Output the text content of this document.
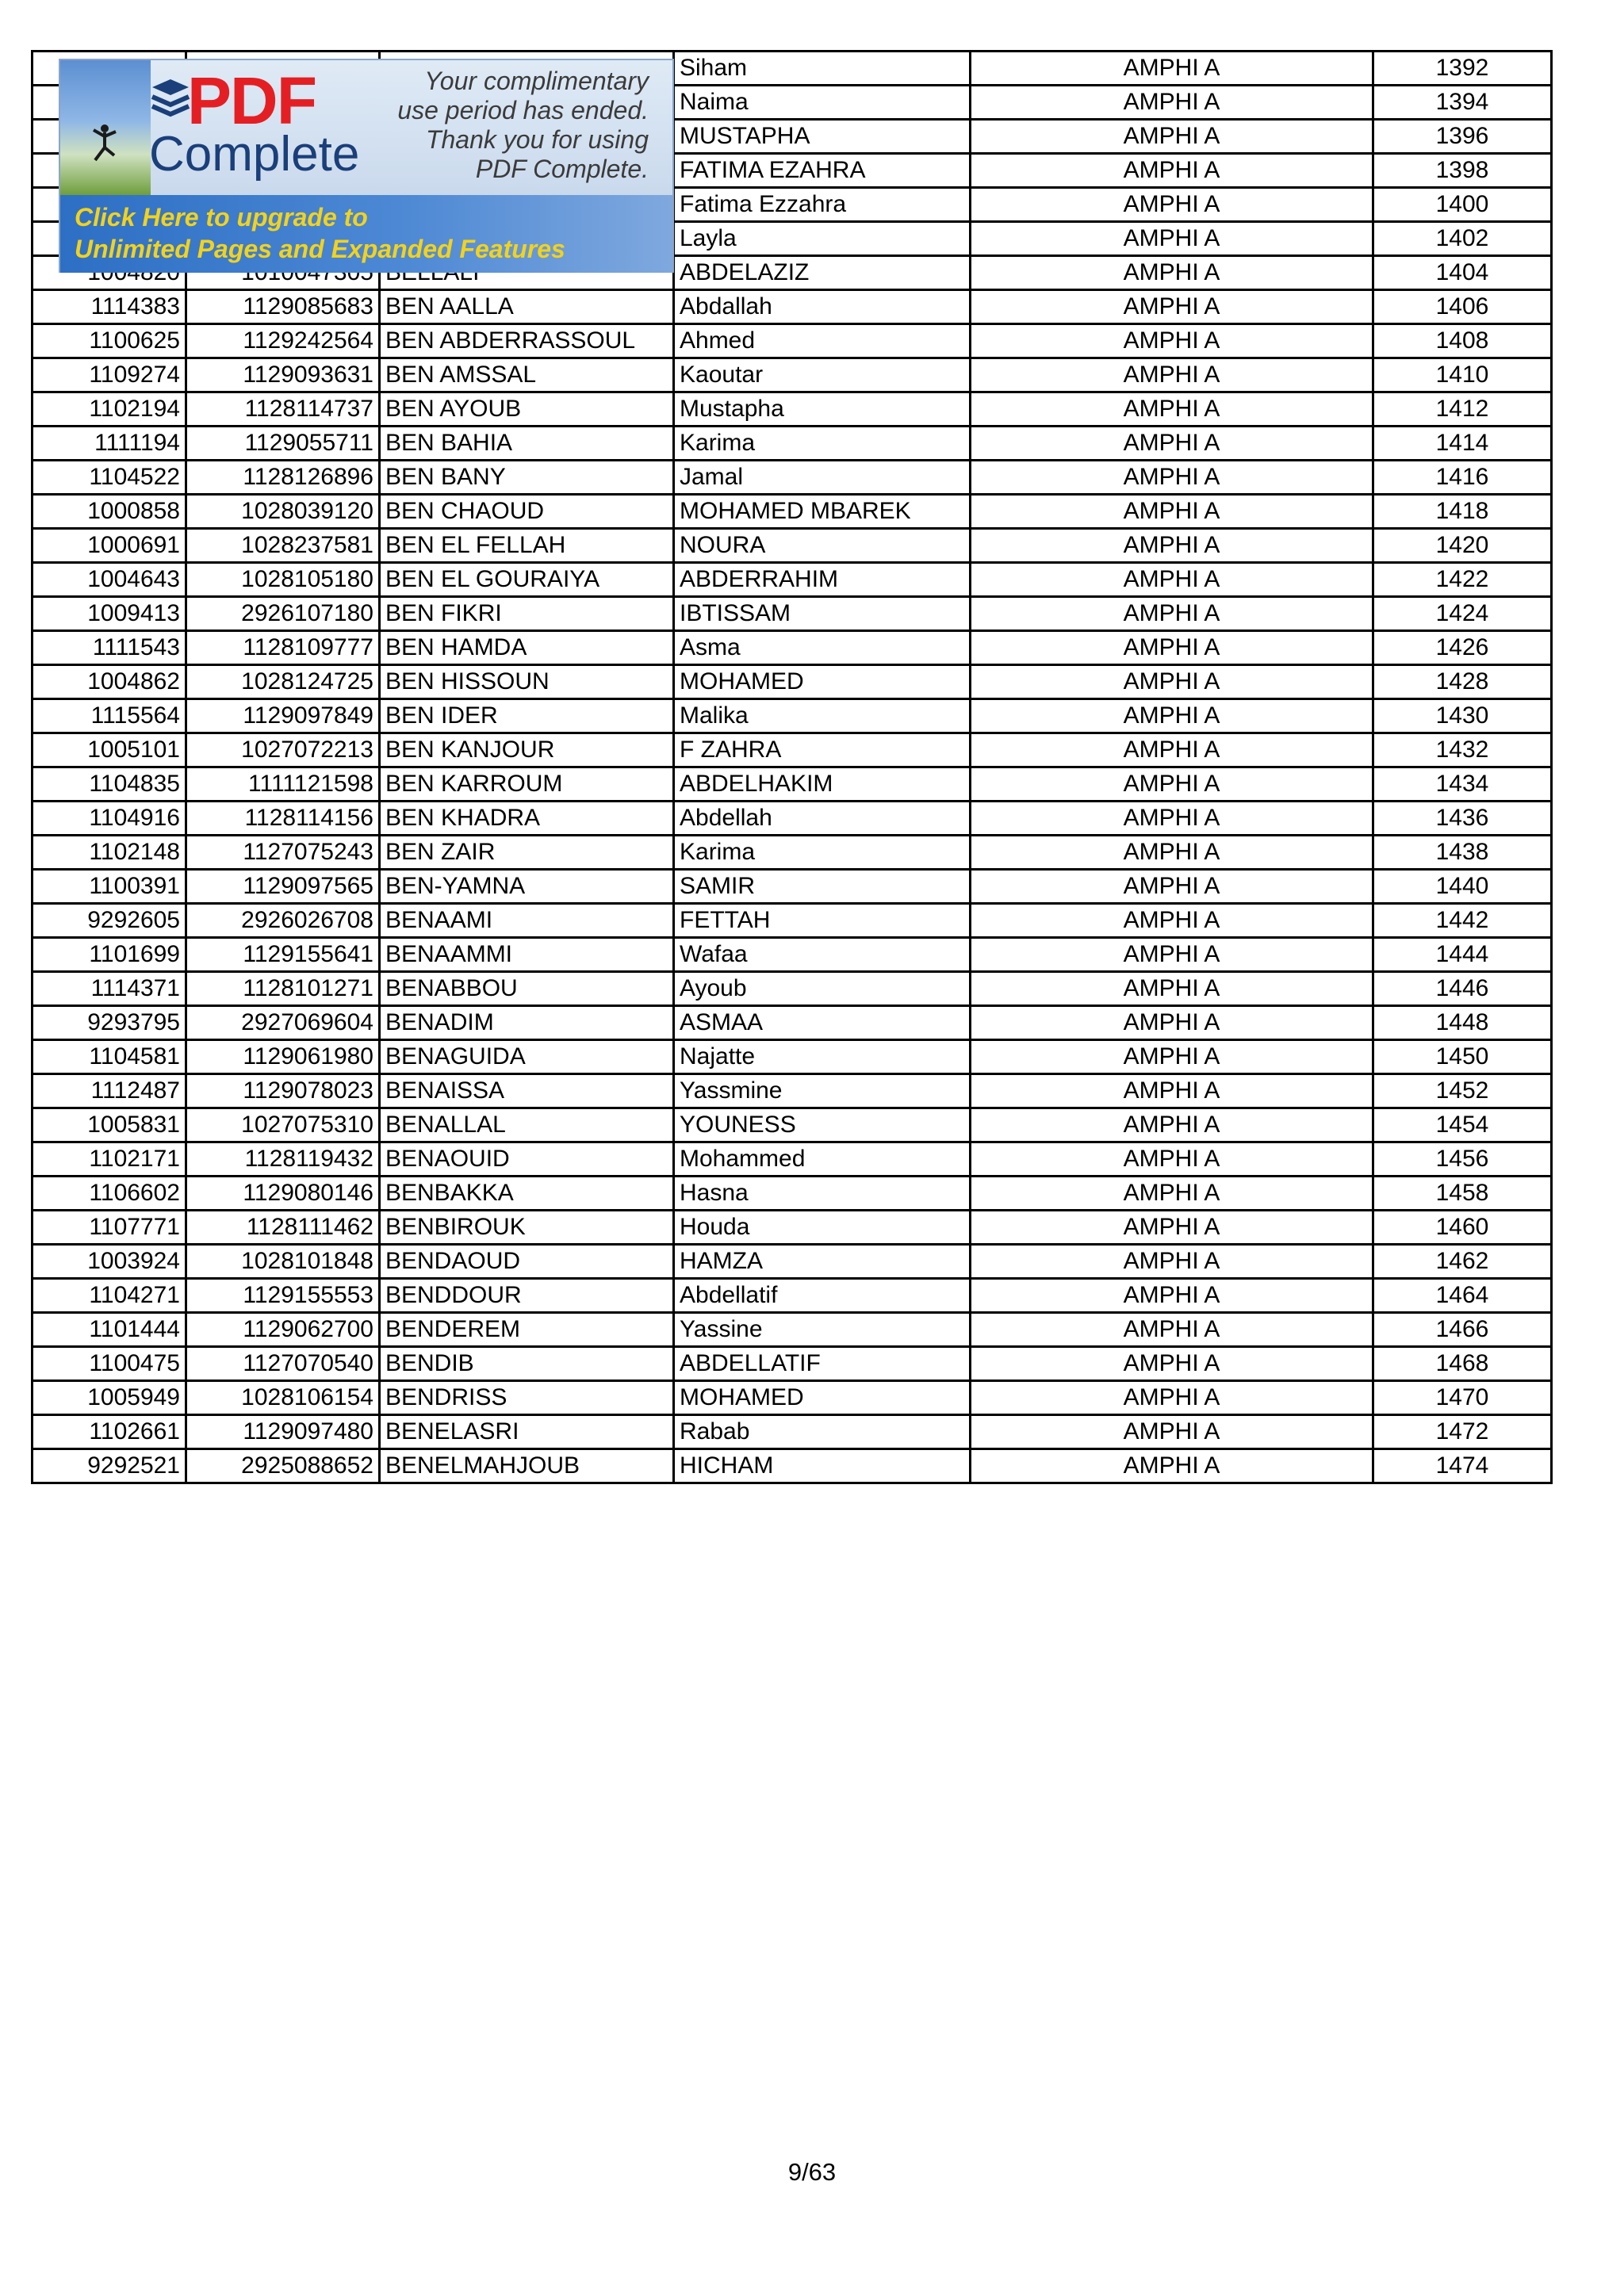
			Siham	AMPHI A	1392
			Naima	AMPHI A	1394
			MUSTAPHA	AMPHI A	1396
			FATIMA EZAHRA	AMPHI A	1398
			Fatima Ezzahra	AMPHI A	1400
			Layla	AMPHI A	1402
			ABDELAZIZ	AMPHI A	1404
1114383	1129085683	BEN AALLA	Abdallah	AMPHI A	1406
1100625	1129242564	BEN ABDERRASSOUL	Ahmed	AMPHI A	1408
1109274	1129093631	BEN AMSSAL	Kaoutar	AMPHI A	1410
1102194	1128114737	BEN AYOUB	Mustapha	AMPHI A	1412
1111194	1129055711	BEN BAHIA	Karima	AMPHI A	1414
1104522	1128126896	BEN BANY	Jamal	AMPHI A	1416
1000858	1028039120	BEN CHAOUD	MOHAMED MBAREK	AMPHI A	1418
1000691	1028237581	BEN EL FELLAH	NOURA	AMPHI A	1420
1004643	1028105180	BEN EL GOURAIYA	ABDERRAHIM	AMPHI A	1422
1009413	2926107180	BEN FIKRI	IBTISSAM	AMPHI A	1424
1111543	1128109777	BEN HAMDA	Asma	AMPHI A	1426
1004862	1028124725	BEN HISSOUN	MOHAMED	AMPHI A	1428
1115564	1129097849	BEN IDER	Malika	AMPHI A	1430
1005101	1027072213	BEN KANJOUR	F ZAHRA	AMPHI A	1432
1104835	1111121598	BEN KARROUM	ABDELHAKIM	AMPHI A	1434
1104916	1128114156	BEN KHADRA	Abdellah	AMPHI A	1436
1102148	1127075243	BEN ZAIR	Karima	AMPHI A	1438
1100391	1129097565	BEN-YAMNA	SAMIR	AMPHI A	1440
9292605	2926026708	BENAAMI	FETTAH	AMPHI A	1442
1101699	1129155641	BENAAMMI	Wafaa	AMPHI A	1444
1114371	1128101271	BENABBOU	Ayoub	AMPHI A	1446
9293795	2927069604	BENADIM	ASMAA	AMPHI A	1448
1104581	1129061980	BENAGUIDA	Najatte	AMPHI A	1450
1112487	1129078023	BENAISSA	Yassmine	AMPHI A	1452
1005831	1027075310	BENALLAL	YOUNESS	AMPHI A	1454
1102171	1128119432	BENAOUID	Mohammed	AMPHI A	1456
1106602	1129080146	BENBAKKA	Hasna	AMPHI A	1458
1107771	1128111462	BENBIROUK	Houda	AMPHI A	1460
1003924	1028101848	BENDAOUD	HAMZA	AMPHI A	1462
1104271	1129155553	BENDDOUR	Abdellatif	AMPHI A	1464
1101444	1129062700	BENDEREM	Yassine	AMPHI A	1466
1100475	1127070540	BENDIB	ABDELLATIF	AMPHI A	1468
1005949	1028106154	BENDRISS	MOHAMED	AMPHI A	1470
1102661	1129097480	BENELASRI	Rabab	AMPHI A	1472
9292521	2925088652	BENELMAHJOUB	HICHAM	AMPHI A	1474
PDF
Complete
Your complimentary
use period has ended.
Thank you for using
PDF Complete.
Click Here to upgrade to
Unlimited Pages and Expanded Features
9/63
